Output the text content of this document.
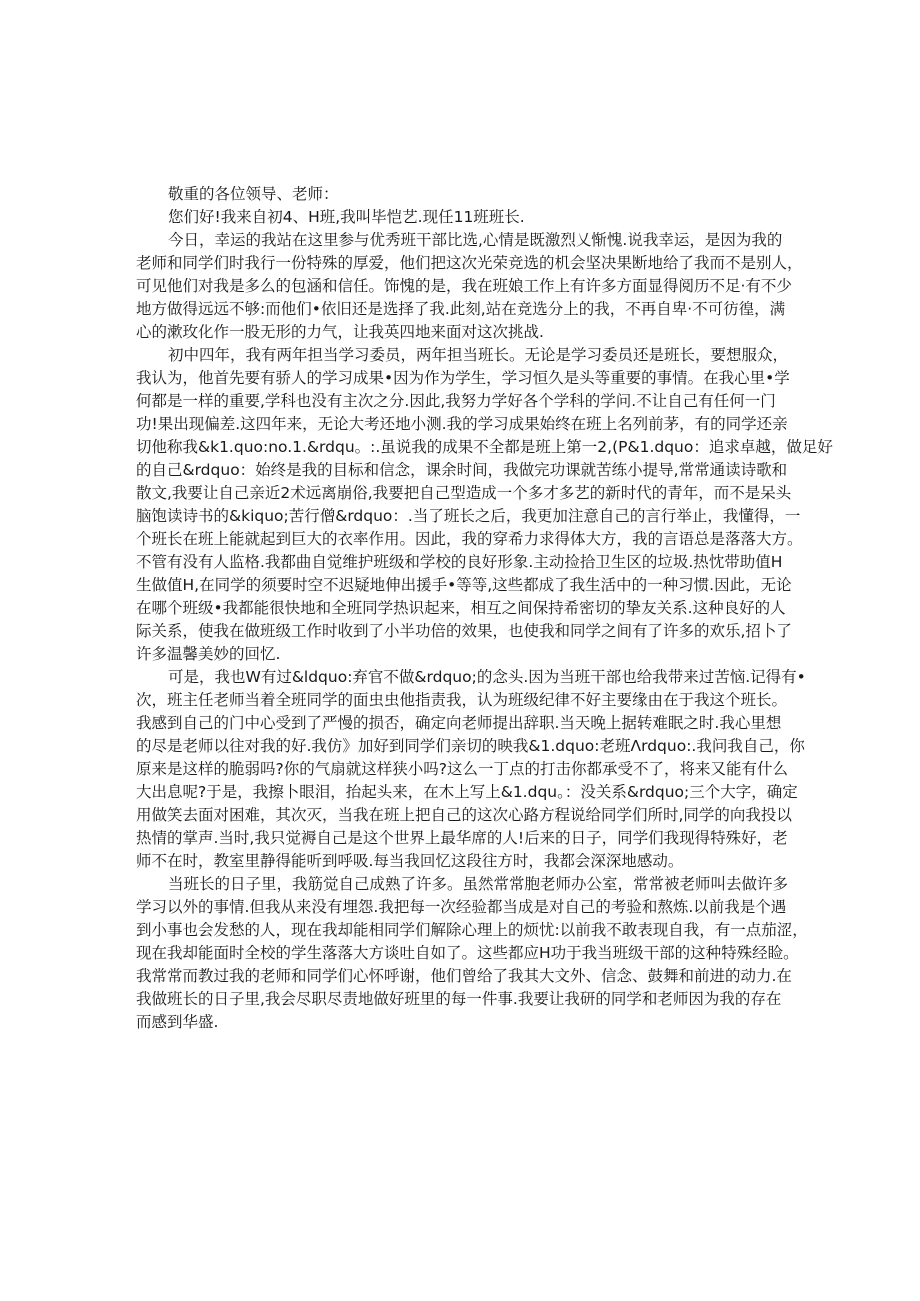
敬重的各位领导、老师：
您们好!我来自初4、H班,我叫毕恺艺.现任11班班长.
今日，幸运的我站在这里参与优秀班干部比选,心情是既激烈乂惭愧.说我幸运，是因为我的
老师和同学们时我行一份特殊的厚爱，他们把这次光荣竞选的机会坚决果断地给了我而不是别人，
可见他们对我是多么的包涵和信任。饰愧的是，我在班娘工作上有许多方面显得阅历不足·有不少
地方做得远远不够:而他们•依旧还是选择了我.此刻,站在竞选分上的我，不再自卑·不可彷徨，满
心的漱玫化作一股无形的力气，让我英四地来面对这次挑战.
初中四年，我有两年担当学习委员，两年担当班长。无论是学习委员还是班长，要想服众，
我认为，他首先要有骄人的学习成果•因为作为学生，学习恒久是头等重要的事情。在我心里•学
何都是一样的重要,学科也没有主次之分.因此,我努力学好各个学科的学问.不让自己有任何一门
功!果出现偏差.这四年来，无论大考还地小测.我的学习成果始终在班上名列前茅，有的同学还亲
切他称我&k1.quo:no.1.&rdqu。:.虽说我的成果不全都是班上第一2,(P&1.dquo：追求卓越，做足好
的自己&rdquo：始终是我的目标和信念，课余时间，我做完功课就苦练小提导,常常通读诗歌和
散文,我要让自己亲近2术远离崩俗,我要把自己型造成一个多才多艺的新时代的青年，而不是呆头
脑饱读诗书的&kiquo;苦行僧&rdquo：.当了班长之后，我更加注意自己的言行举止，我懂得，一
个班长在班上能就起到巨大的衣率作用。因此，我的穿希力求得体大方，我的言语总是落落大方。
不管有没有人监格.我都曲自觉维护班级和学校的良好形象.主动捡拾卫生区的垃圾.热忱带助值H
生做值H,在同学的须要时空不迟疑地伸出援手•等等,这些都成了我生活中的一种习惯.因此，无论
在哪个班级•我都能很快地和全班同学热识起来，相互之间保持希密切的挚友关系.这种良好的人
际关系，使我在做班级工作时收到了小半功倍的效果，也使我和同学之间有了许多的欢乐,招卜了
许多温馨美妙的回忆.
可是，我也W有过&ldquo:弃官不做&rdquo;的念头.因为当班干部也给我带来过苦恼.记得有•
次，班主任老师当着全班同学的面虫虫他指责我，认为班级纪律不好主要缘由在于我这个班长。
我感到自己的门中心受到了严慢的损否，确定向老师提出辞职.当天晚上据转难眠之时.我心里想
的尽是老师以往对我的好.我仿》加好到同学们亲切的映我&1.dquo:老班Λrdquo:.我问我自己，你
原来是这样的脆弱吗?你的气扇就这样狭小吗?这么一丁点的打击你都承受不了，将来又能有什么
大出息呢?于是，我擦卜眼泪，抬起头来，在木上写上&1.dqu。：没关系&rdquo;三个大字，确定
用做笑去面对困难，其次灭，当我在班上把自己的这次心路方程说给同学们所时,同学的向我投以
热情的掌声.当时,我只觉褥自己是这个世界上最华席的人!后来的日子，同学们我现得特殊好，老
师不在时，教室里静得能听到呼吸.每当我回忆这段往方时，我都会深深地感动。
当班长的日子里，我筋觉自己成熟了许多。虽然常常胞老师办公室，常常被老师叫去做许多
学习以外的事情.但我从来没有埋怨.我把每一次经验都当成是对自己的考验和熬炼.以前我是个遇
到小事也会发愁的人，现在我却能相同学们解除心理上的烦忧:以前我不敢表现自我，有一点茄涩，
现在我却能面时全校的学生落落大方谈吐自如了。这些都应H功于我当班级干部的这种特殊经睑。
我常常而教过我的老师和同学们心怀呼谢，他们曾给了我其大文外、信念、鼓舞和前进的动力.在
我做班长的日子里,我会尽职尽责地做好班里的每一件事.我要让我研的同学和老师因为我的存在
而感到华盛.
